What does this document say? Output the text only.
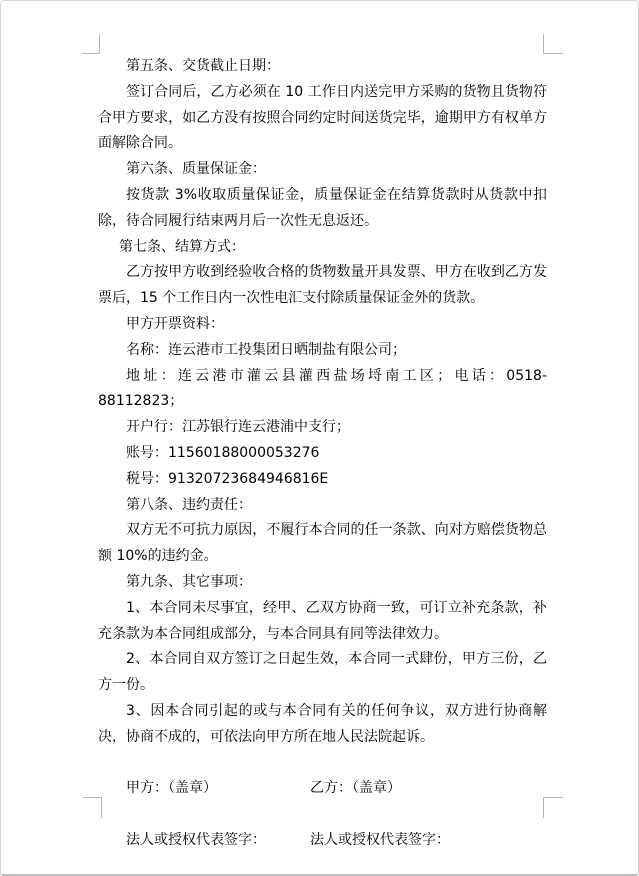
第五条、交货截止日期：

签订合同后，乙方必须在 10 工作日内送完甲方采购的货物且货物符合甲方要求，如乙方没有按照合同约定时间送货完毕，逾期甲方有权单方面解除合同。

第六条、质量保证金：

按货款 3%收取质量保证金，质量保证金在结算货款时从货款中扣除，待合同履行结束两月后一次性无息返还。

第七条、结算方式：

乙方按甲方收到经验收合格的货物数量开具发票、甲方在收到乙方发票后，15 个工作日内一次性电汇支付除质量保证金外的货款。

甲方开票资料：

名称：连云港市工投集团日晒制盐有限公司；

地址：连云港市灌云县灌西盐场埒南工区；电话：0518-88112823；

开户行：江苏银行连云港浦中支行；

账号：11560188000053276

税号：91320723684946816E

第八条、违约责任：

双方无不可抗力原因，不履行本合同的任一条款、向对方赔偿货物总额 10%的违约金。

第九条、其它事项：

1、本合同未尽事宜，经甲、乙双方协商一致，可订立补充条款，补充条款为本合同组成部分，与本合同具有同等法律效力。

2、本合同自双方签订之日起生效，本合同一式肆份，甲方三份，乙方一份。

3、因本合同引起的或与本合同有关的任何争议，双方进行协商解决，协商不成的，可依法向甲方所在地人民法院起诉。

甲方：（盖章）	乙方：（盖章）
法人或授权代表签字：	法人或授权代表签字：
